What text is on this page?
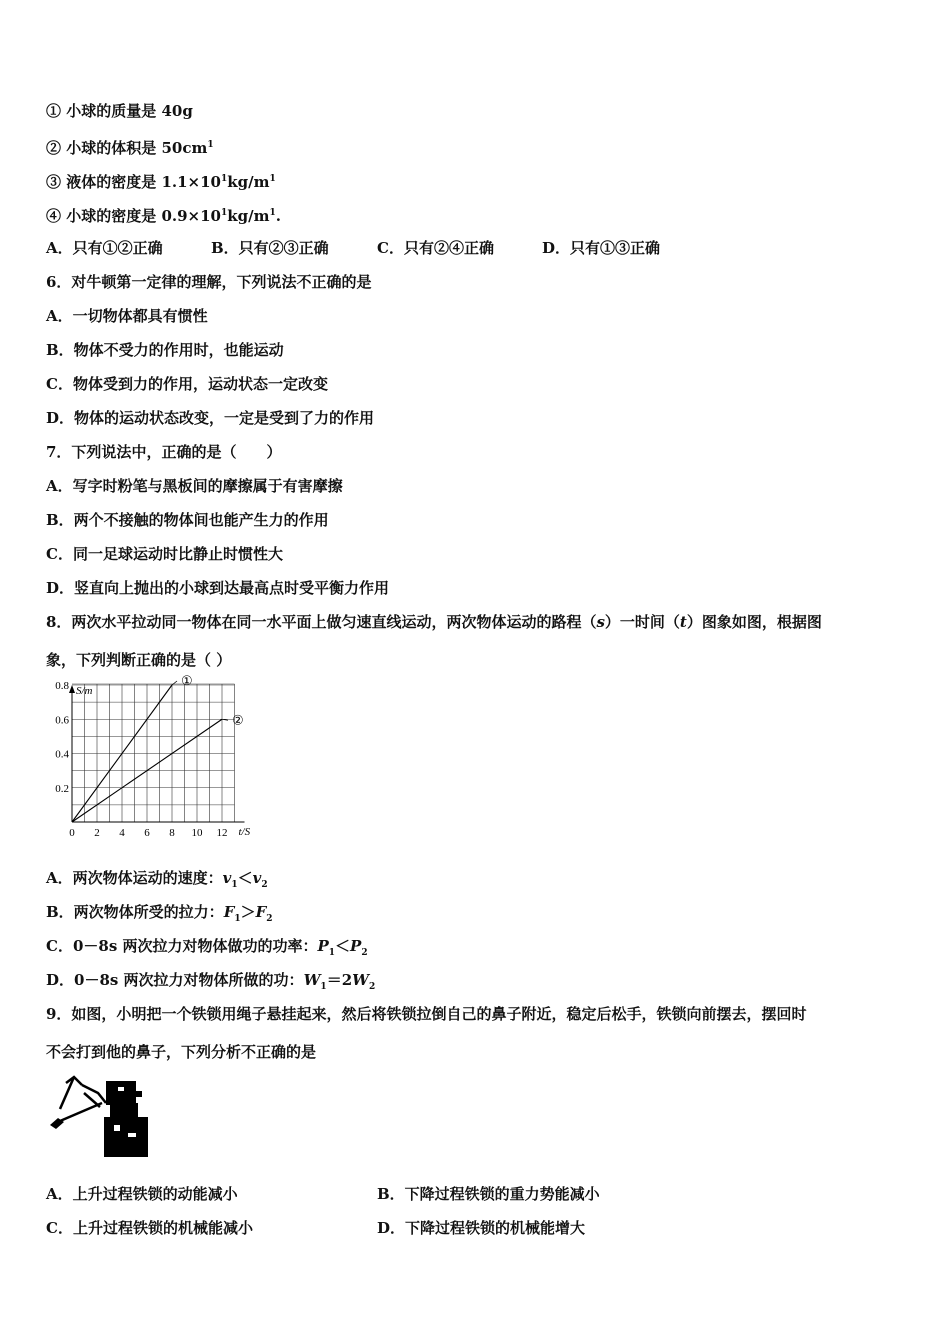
① 小球的质量是 40g
② 小球的体积是 $50cm^1$
③ 液体的密度是 $1.1\times 10^1kg/m^1$
④ 小球的密度是 $0.9\times 10^1kg/m^1$.
A．只有①②正确	B．只有②③正确	C．只有②④正确	D．只有①③正确
6．对牛顿第一定律的理解，下列说法不正确的是
A．一切物体都具有惯性
B．物体不受力的作用时，也能运动
C．物体受到力的作用，运动状态一定改变
D．物体的运动状态改变，一定是受到了力的作用
7．下列说法中，正确的是（　　）
A．写字时粉笔与黑板间的摩擦属于有害摩擦
B．两个不接触的物体间也能产生力的作用
C．同一足球运动时比静止时惯性大
D．竖直向上抛出的小球到达最高点时受平衡力作用
8．两次水平拉动同一物体在同一水平面上做匀速直线运动，两次物体运动的路程（s）一时间（t）图象如图，根据图
象，下列判断正确的是（ ）
①
②
0 2 4 6 8 10 12
0.2
0.4
0.6
0.8 S/m
t/S
A．两次物体运动的速度：$v_1<v_2$
B．两次物体所受的拉力：$F_1>F_2$
C．0－8s 两次拉力对物体做功的功率：$P_1<P_2$
D．0－8s 两次拉力对物体所做的功：$W_1=2W_2$
9．如图，小明把一个铁锁用绳子悬挂起来，然后将铁锁拉倒自己的鼻子附近，稳定后松手，铁锁向前摆去，摆回时
不会打到他的鼻子，下列分析不正确的是
A．上升过程铁锁的动能减小	B．下降过程铁锁的重力势能减小
C．上升过程铁锁的机械能减小	D．下降过程铁锁的机械能增大
